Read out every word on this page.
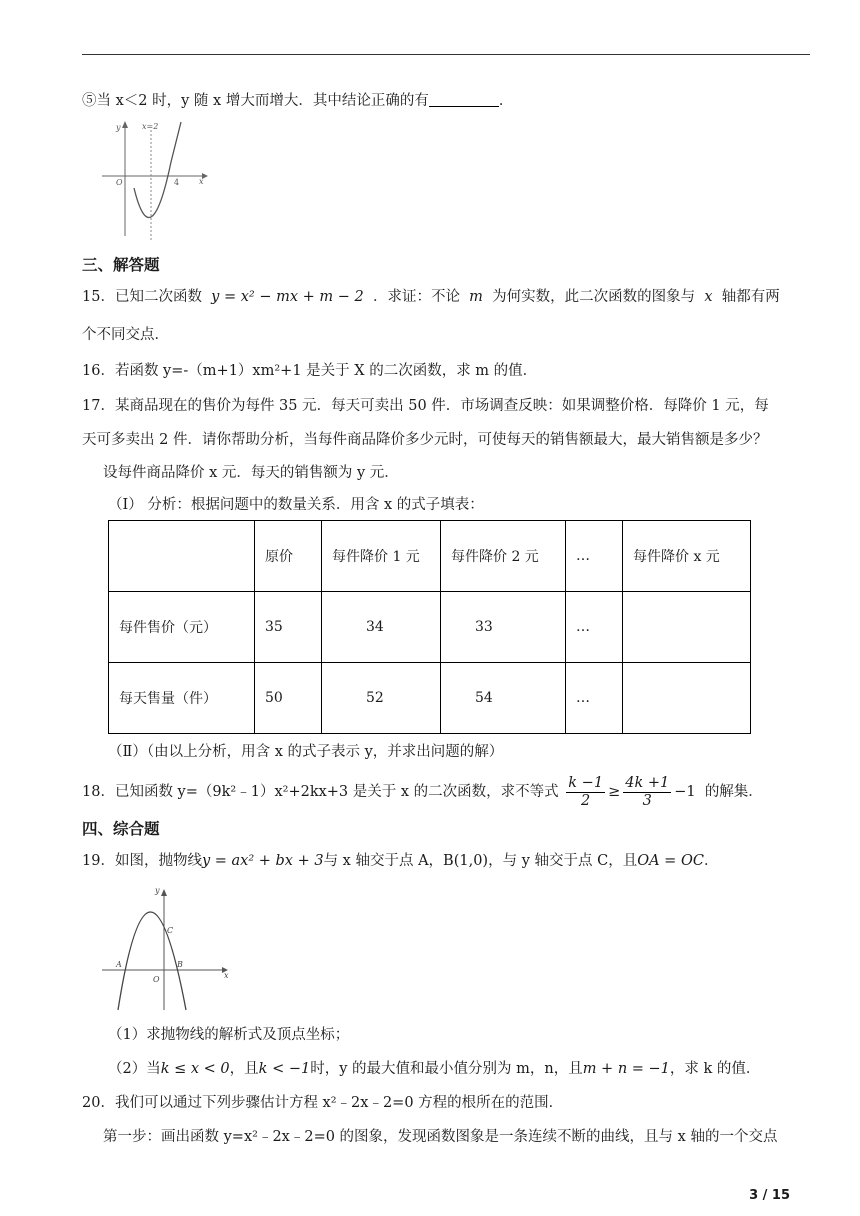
⑤当 x＜2 时，y 随 x 增大而增大．其中结论正确的有	．
y	x=2
O	4 x
三、解答题
15．已知二次函数 y = x² − mx + m − 2 ．求证：不论 m 为何实数，此二次函数的图象与 x 轴都有两
个不同交点．
16．若函数 y=-（m+1）xm²+1 是关于 X 的二次函数，求 m 的值．
17．某商品现在的售价为每件 35 元．每天可卖出 50 件．市场调查反映：如果调整价格．每降价 1 元，每
天可多卖出 2 件．请你帮助分析，当每件商品降价多少元时，可使每天的销售额最大，最大销售额是多少？
设每件商品降价 x 元．每天的销售额为 y 元．
（I） 分析：根据问题中的数量关系．用含 x 的式子填表：
	原价	每件降价 1 元	每件降价 2 元	…	每件降价 x 元
每件售价（元）	35	34	33	…	
每天售量（件）	50	52	54	…	
（Ⅱ）（由以上分析，用含 x 的式子表示 y，并求出问题的解）
18．已知函数 y=（9k²﹣1）x²+2kx+3 是关于 x 的二次函数，求不等式 $\frac{k -1}{2} \ge \frac{4k +1}{3} -1$ 的解集．
四、综合题
19．如图，抛物线y = ax² + bx + 3与 x 轴交于点 A，B(1,0)，与 y 轴交于点 C，且OA = OC．
y
C
A	B
O	x
（1）求抛物线的解析式及顶点坐标；
（2）当k ≤ x < 0，且k < −1时，y 的最大值和最小值分别为 m，n，且m + n = −1，求 k 的值．
20．我们可以通过下列步骤估计方程 x²﹣2x﹣2=0 方程的根所在的范围．
第一步：画出函数 y=x²﹣2x﹣2=0 的图象，发现函数图象是一条连续不断的曲线，且与 x 轴的一个交点
3 / 15
